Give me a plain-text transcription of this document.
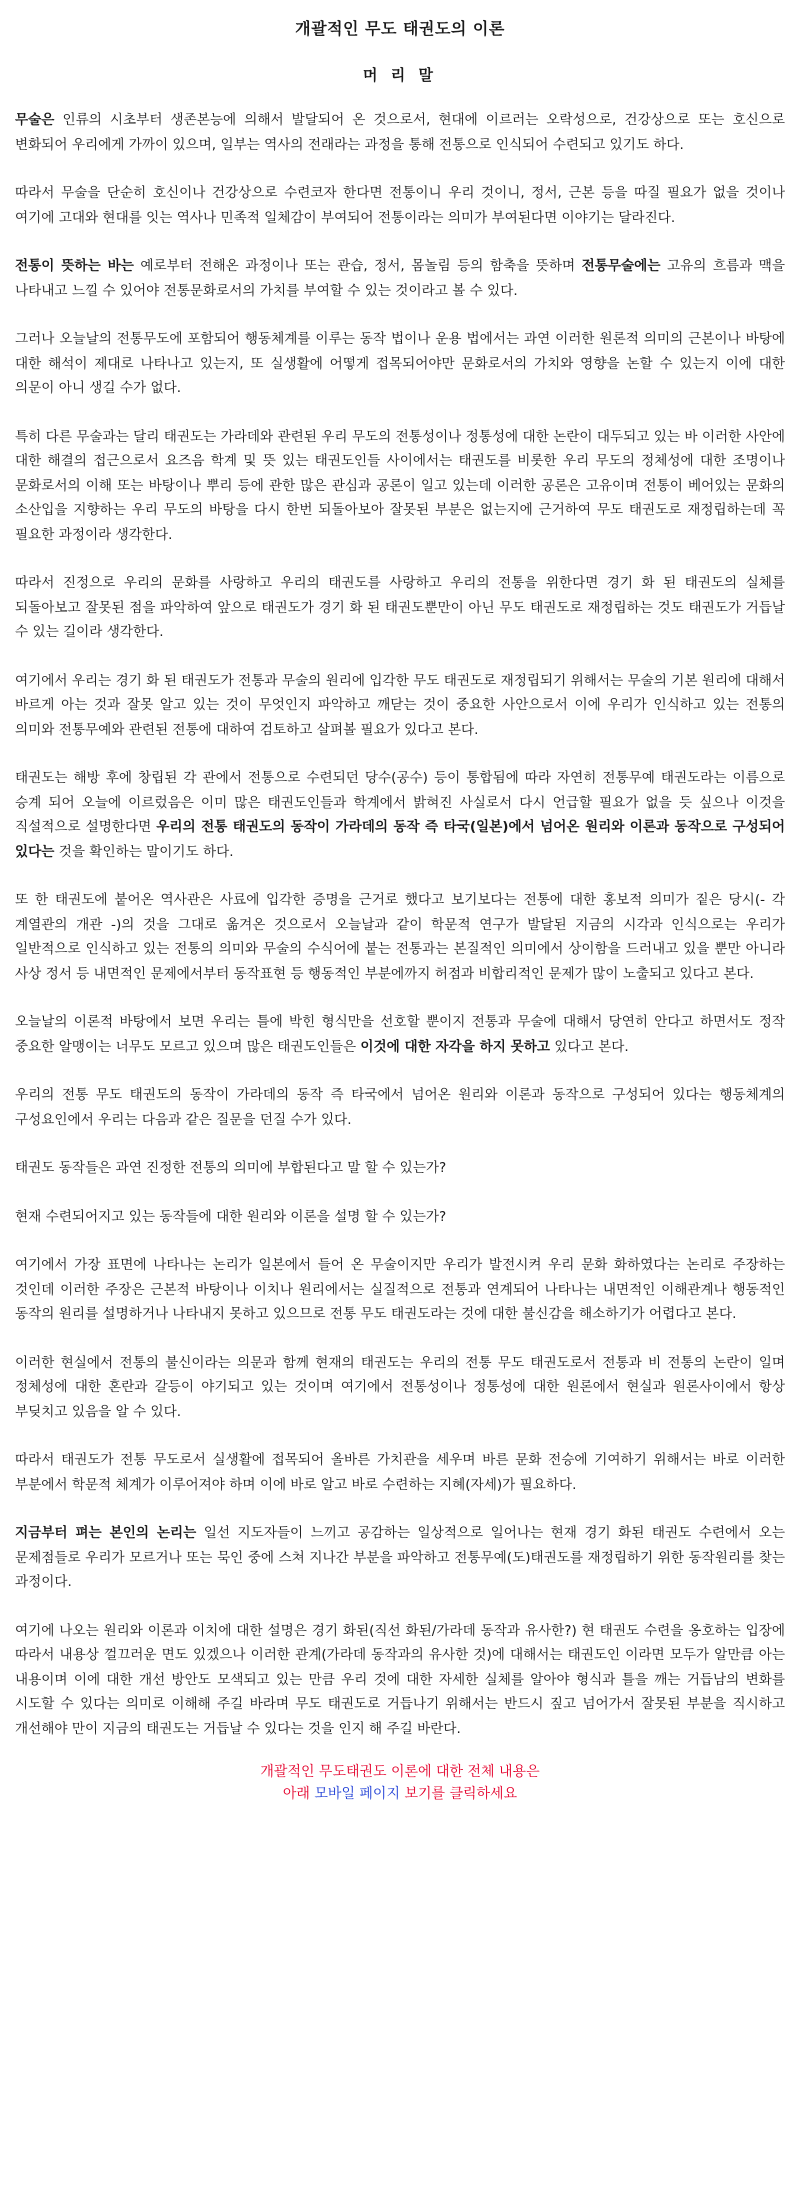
개괄적인 무도 태권도의 이론
머 리 말

무술은 인류의 시초부터 생존본능에 의해서 발달되어 온 것으로서, 현대에 이르러는 오락성으로, 건강상으로 또는 호신으로 변화되어 우리에게 가까이 있으며, 일부는 역사의 전래라는 과정을 통해 전통으로 인식되어 수련되고 있기도 하다.

따라서 무술을 단순히 호신이나 건강상으로 수련코자 한다면 전통이니 우리 것이니, 정서, 근본 등을 따질 필요가 없을 것이나 여기에 고대와 현대를 잇는 역사나 민족적 일체감이 부여되어 전통이라는 의미가 부여된다면 이야기는 달라진다.

전통이 뜻하는 바는 예로부터 전해온 과정이나 또는 관습, 정서, 몸놀림 등의 함축을 뜻하며 전통무술에는 고유의 흐름과 맥을 나타내고 느낄 수 있어야 전통문화로서의 가치를 부여할 수 있는 것이라고 볼 수 있다.

그러나 오늘날의 전통무도에 포함되어 행동체계를 이루는 동작 법이나 운용 법에서는 과연 이러한 원론적 의미의 근본이나 바탕에 대한 해석이 제대로 나타나고 있는지, 또 실생활에 어떻게 접목되어야만 문화로서의 가치와 영향을 논할 수 있는지 이에 대한 의문이 아니 생길 수가 없다.

특히 다른 무술과는 달리 태권도는 가라데와 관련된 우리 무도의 전통성이나 정통성에 대한 논란이 대두되고 있는 바 이러한 사안에 대한 해결의 접근으로서 요즈음 학계 및 뜻 있는 태권도인들 사이에서는 태권도를 비롯한 우리 무도의 정체성에 대한 조명이나 문화로서의 이해 또는 바탕이나 뿌리 등에 관한 많은 관심과 공론이 일고 있는데 이러한 공론은 고유이며 전통이 베어있는 문화의 소산입을 지향하는 우리 무도의 바탕을 다시 한번 되돌아보아 잘못된 부분은 없는지에 근거하여 무도 태권도로 재정립하는데 꼭 필요한 과정이라 생각한다.

따라서 진정으로 우리의 문화를 사랑하고 우리의 태권도를 사랑하고 우리의 전통을 위한다면 경기 화 된 태권도의 실체를 되돌아보고 잘못된 점을 파악하여 앞으로 태권도가 경기 화 된 태권도뿐만이 아닌 무도 태권도로 재정립하는 것도 태권도가 거듭날 수 있는 길이라 생각한다.

여기에서 우리는 경기 화 된 태권도가 전통과 무술의 원리에 입각한 무도 태권도로 재정립되기 위해서는 무술의 기본 원리에 대해서 바르게 아는 것과 잘못 알고 있는 것이 무엇인지 파악하고 깨닫는 것이 중요한 사안으로서 이에 우리가 인식하고 있는 전통의 의미와 전통무예와 관련된 전통에 대하여 검토하고 살펴볼 필요가 있다고 본다.

태권도는 해방 후에 창립된 각 관에서 전통으로 수련되던 당수(공수) 등이 통합됨에 따라 자연히 전통무예 태권도라는 이름으로 승계 되어 오늘에 이르렀음은 이미 많은 태권도인들과 학계에서 밝혀진 사실로서 다시 언급할 필요가 없을 듯 싶으나 이것을 직설적으로 설명한다면 우리의 전통 태권도의 동작이 가라데의 동작 즉 타국(일본)에서 넘어온 원리와 이론과 동작으로 구성되어 있다는 것을 확인하는 말이기도 하다.

또 한 태권도에 붙어온 역사관은 사료에 입각한 증명을 근거로 했다고 보기보다는 전통에 대한 홍보적 의미가 짙은 당시(- 각 계열관의 개관 -)의 것을 그대로 옮겨온 것으로서 오늘날과 같이 학문적 연구가 발달된 지금의 시각과 인식으로는 우리가 일반적으로 인식하고 있는 전통의 의미와 무술의 수식어에 붙는 전통과는 본질적인 의미에서 상이함을 드러내고 있을 뿐만 아니라 사상 정서 등 내면적인 문제에서부터 동작표현 등 행동적인 부분에까지 허점과 비합리적인 문제가 많이 노출되고 있다고 본다.

오늘날의 이론적 바탕에서 보면 우리는 틀에 박힌 형식만을 선호할 뿐이지 전통과 무술에 대해서 당연히 안다고 하면서도 정작 중요한 알맹이는 너무도 모르고 있으며 많은 태권도인들은 이것에 대한 자각을 하지 못하고 있다고 본다.

우리의 전통 무도 태권도의 동작이 가라데의 동작 즉 타국에서 넘어온 원리와 이론과 동작으로 구성되어 있다는 행동체계의 구성요인에서 우리는 다음과 같은 질문을 던질 수가 있다.

태권도 동작들은 과연 진정한 전통의 의미에 부합된다고 말 할 수 있는가?

현재 수련되어지고 있는 동작들에 대한 원리와 이론을 설명 할 수 있는가?

여기에서 가장 표면에 나타나는 논리가 일본에서 들어 온 무술이지만 우리가 발전시켜 우리 문화 화하였다는 논리로 주장하는 것인데 이러한 주장은 근본적 바탕이나 이치나 원리에서는 실질적으로 전통과 연계되어 나타나는 내면적인 이해관계나 행동적인 동작의 원리를 설명하거나 나타내지 못하고 있으므로 전통 무도 태권도라는 것에 대한 불신감을 해소하기가 어렵다고 본다.

이러한 현실에서 전통의 불신이라는 의문과 함께 현재의 태권도는 우리의 전통 무도 태권도로서 전통과 비 전통의 논란이 일며 정체성에 대한 혼란과 갈등이 야기되고 있는 것이며 여기에서 전통성이나 정통성에 대한 원론에서 현실과 원론사이에서 항상 부딪치고 있음을 알 수 있다.

따라서 태권도가 전통 무도로서 실생활에 접목되어 올바른 가치관을 세우며 바른 문화 전승에 기여하기 위해서는 바로 이러한 부분에서 학문적 체계가 이루어져야 하며 이에 바로 알고 바로 수련하는 지혜(자세)가 필요하다.

지금부터 펴는 본인의 논리는 일선 지도자들이 느끼고 공감하는 일상적으로 일어나는 현재 경기 화된 태권도 수련에서 오는 문제점들로 우리가 모르거나 또는 묵인 중에 스쳐 지나간 부분을 파악하고 전통무예(도)태권도를 재정립하기 위한 동작원리를 찾는 과정이다.

여기에 나오는 원리와 이론과 이치에 대한 설명은 경기 화된(직선 화된/가라데 동작과 유사한?) 현 태권도 수련을 옹호하는 입장에 따라서 내용상 껄끄러운 면도 있겠으나 이러한 관계(가라데 동작과의 유사한 것)에 대해서는 태권도인 이라면 모두가 알만큼 아는 내용이며 이에 대한 개선 방안도 모색되고 있는 만큼 우리 것에 대한 자세한 실체를 알아야 형식과 틀을 깨는 거듭남의 변화를 시도할 수 있다는 의미로 이해해 주길 바라며 무도 태권도로 거듭나기 위해서는 반드시 짚고 넘어가서 잘못된 부분을 직시하고 개선해야 만이 지금의 태권도는 거듭날 수 있다는 것을 인지 해 주길 바란다.

개괄적인 무도태권도 이론에 대한 전체 내용은
아래 모바일 페이지 보기를 클릭하세요
